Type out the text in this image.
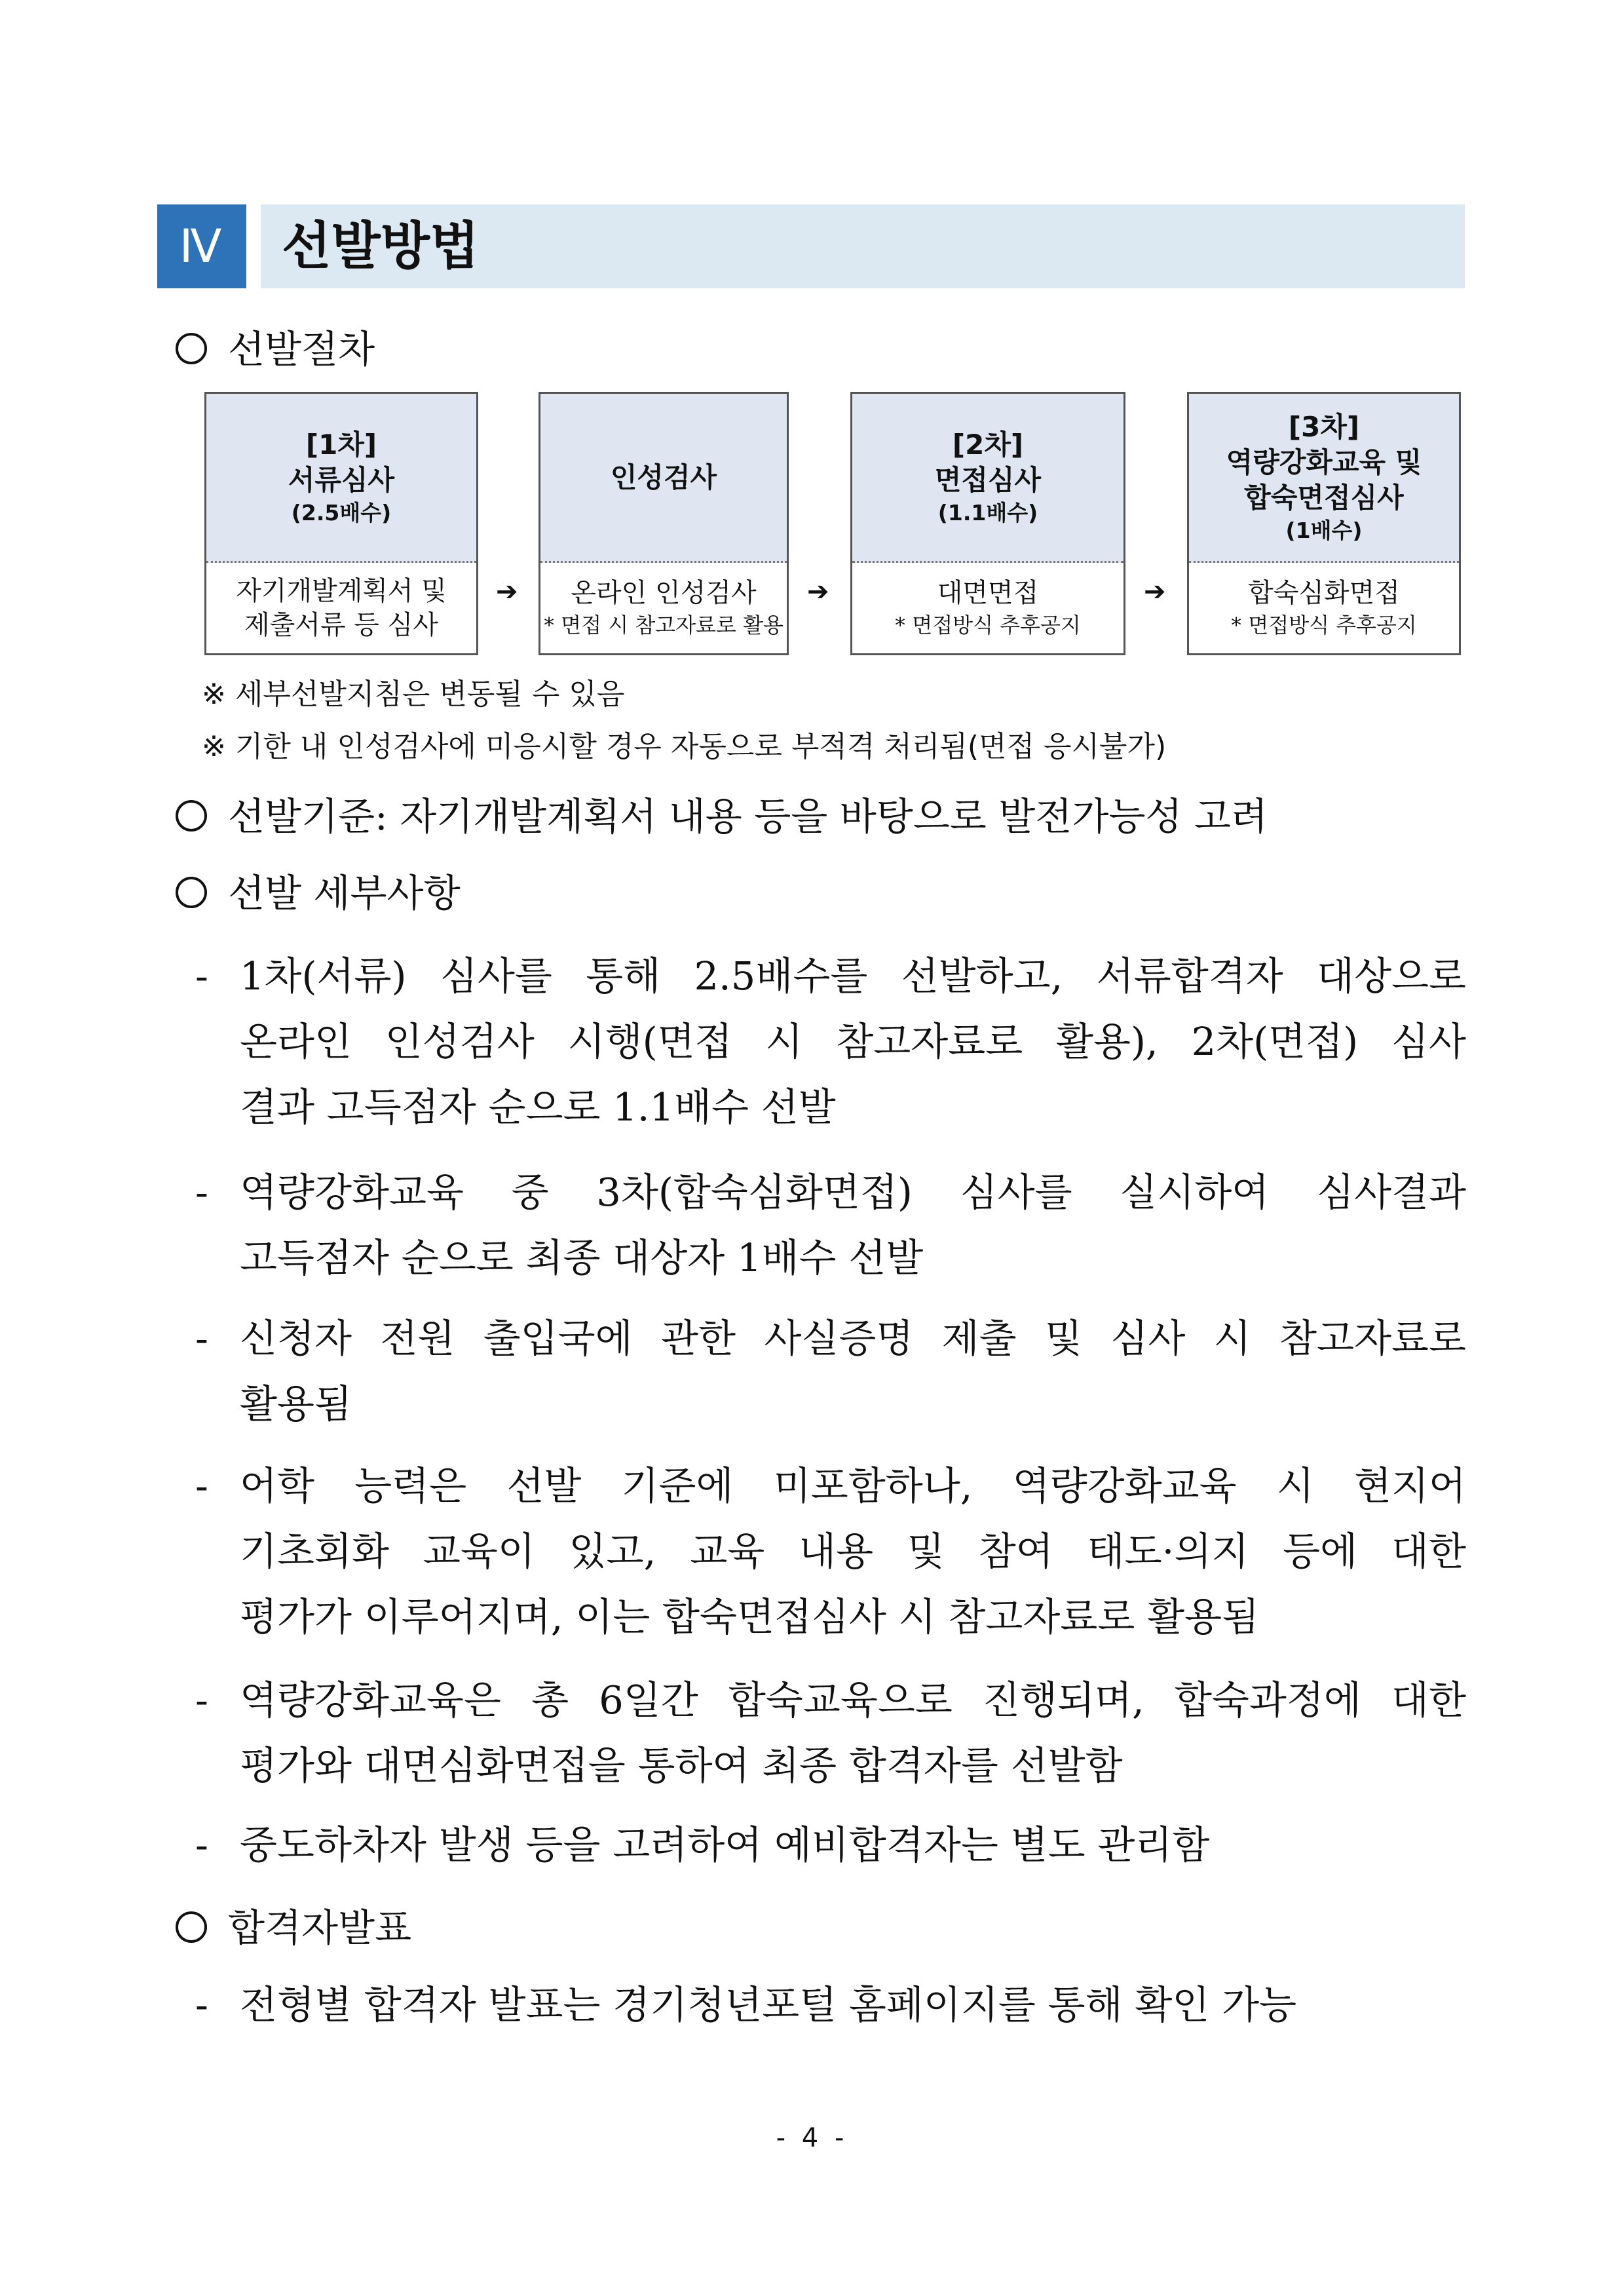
Ⅳ	선발방법
선발절차
[1차]
서류심사
(2.5배수)
자기개발계획서 및
제출서류 등 심사
➔
인성검사
온라인 인성검사
* 면접 시 참고자료로 활용
➔
[2차]
면접심사
(1.1배수)
대면면접
* 면접방식 추후공지
➔
[3차]
역량강화교육 및
합숙면접심사
(1배수)
합숙심화면접
* 면접방식 추후공지
※ 세부선발지침은 변동될 수 있음
※ 기한 내 인성검사에 미응시할 경우 자동으로 부적격 처리됨(면접 응시불가)
선발기준: 자기개발계획서 내용 등을 바탕으로 발전가능성 고려
선발 세부사항
- 1차(서류) 심사를 통해 2.5배수를 선발하고, 서류합격자 대상으로
온라인 인성검사 시행(면접 시 참고자료로 활용), 2차(면접) 심사
결과 고득점자 순으로 1.1배수 선발
- 역량강화교육 중 3차(합숙심화면접) 심사를 실시하여 심사결과
고득점자 순으로 최종 대상자 1배수 선발
- 신청자 전원 출입국에 관한 사실증명 제출 및 심사 시 참고자료로
활용됨
- 어학 능력은 선발 기준에 미포함하나, 역량강화교육 시 현지어
기초회화 교육이 있고, 교육 내용 및 참여 태도·의지 등에 대한
평가가 이루어지며, 이는 합숙면접심사 시 참고자료로 활용됨
- 역량강화교육은 총 6일간 합숙교육으로 진행되며, 합숙과정에 대한
평가와 대면심화면접을 통하여 최종 합격자를 선발함
- 중도하차자 발생 등을 고려하여 예비합격자는 별도 관리함
합격자발표
- 전형별 합격자 발표는 경기청년포털 홈페이지를 통해 확인 가능
- 4 -
